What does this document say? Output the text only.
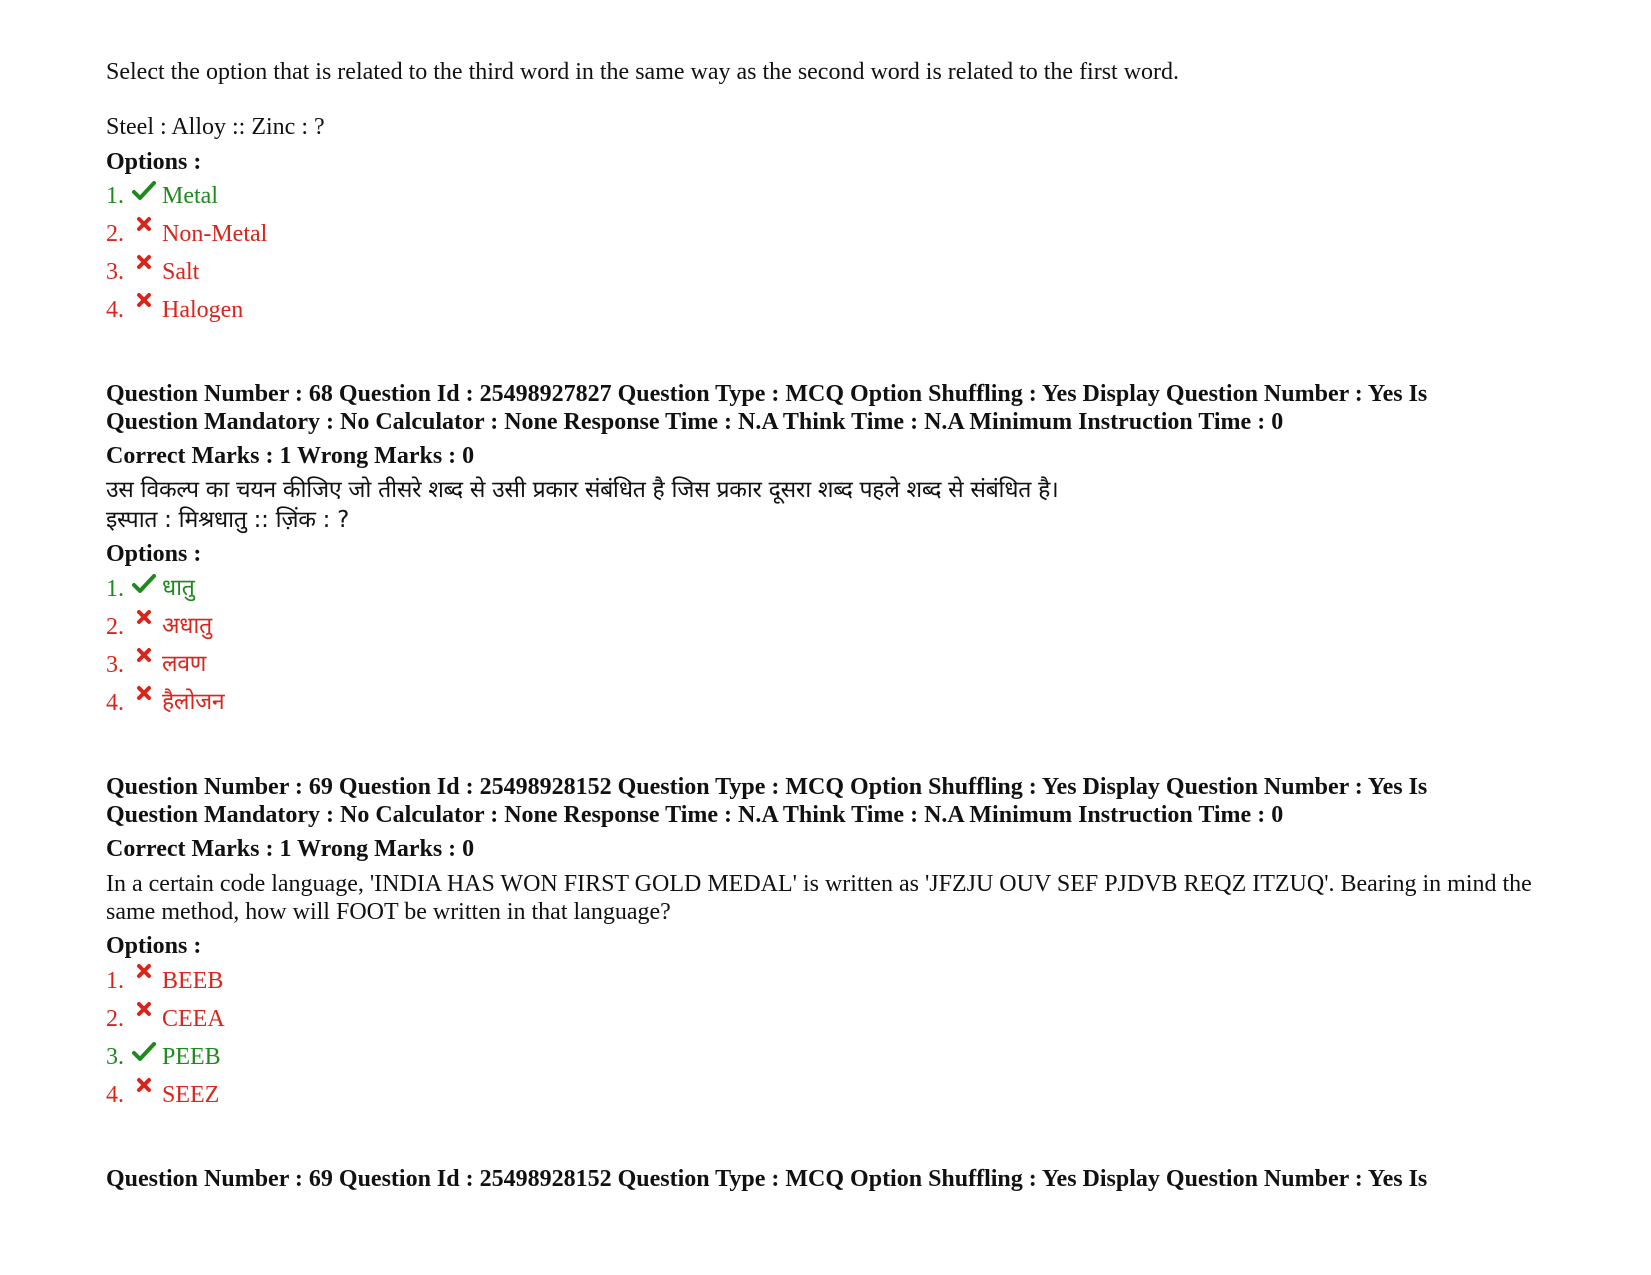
Select the option that is related to the third word in the same way as the second word is related to the first word.

Steel : Alloy :: Zinc : ?

Options :

1.	Metal
2.	Non-Metal
3.	Salt
4.	Halogen

Question Number : 68 Question Id : 25498927827 Question Type : MCQ Option Shuffling : Yes Display Question Number : Yes Is

Question Mandatory : No Calculator : None Response Time : N.A Think Time : N.A Minimum Instruction Time : 0

Correct Marks : 1 Wrong Marks : 0

उस विकल्प का चयन कीजिए जो तीसरे शब्द से उसी प्रकार संबंधित है जिस प्रकार दूसरा शब्द पहले शब्द से संबंधित है।

इस्पात : मिश्रधातु :: ज़िंक : ?

Options :

1.	धातु
2.	अधातु
3.	लवण
4.	हैलोजन

Question Number : 69 Question Id : 25498928152 Question Type : MCQ Option Shuffling : Yes Display Question Number : Yes Is

Question Mandatory : No Calculator : None Response Time : N.A Think Time : N.A Minimum Instruction Time : 0

Correct Marks : 1 Wrong Marks : 0

In a certain code language, 'INDIA HAS WON FIRST GOLD MEDAL' is written as 'JFZJU OUV SEF PJDVB REQZ ITZUQ'. Bearing in mind the same method, how will FOOT be written in that language?

Options :

1.	BEEB
2.	CEEA
3.	PEEB
4.	SEEZ

Question Number : 69 Question Id : 25498928152 Question Type : MCQ Option Shuffling : Yes Display Question Number : Yes Is
